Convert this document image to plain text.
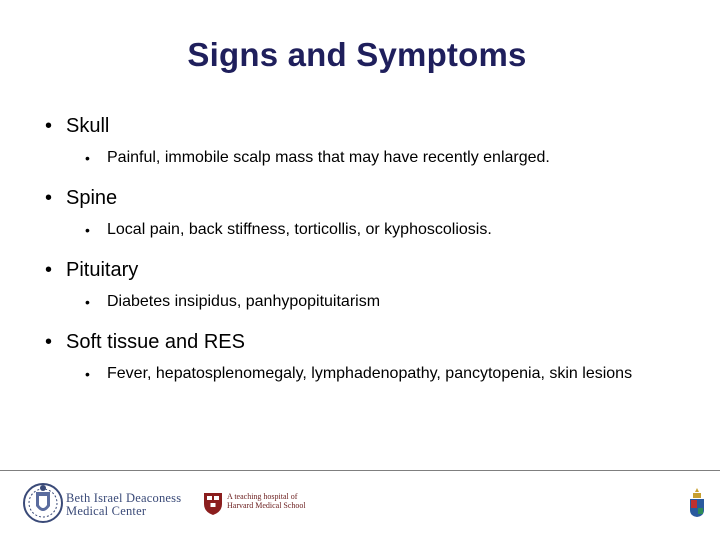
Signs and Symptoms
• Skull
• Painful, immobile scalp mass that may have recently enlarged.
• Spine
• Local pain, back stiffness, torticollis, or kyphoscoliosis.
• Pituitary
• Diabetes insipidus, panhypopituitarism
• Soft tissue and RES
• Fever, hepatosplenomegaly, lymphadenopathy, pancytopenia, skin lesions
Beth Israel Deaconess
Medical Center
A teaching hospital of
Harvard Medical School
